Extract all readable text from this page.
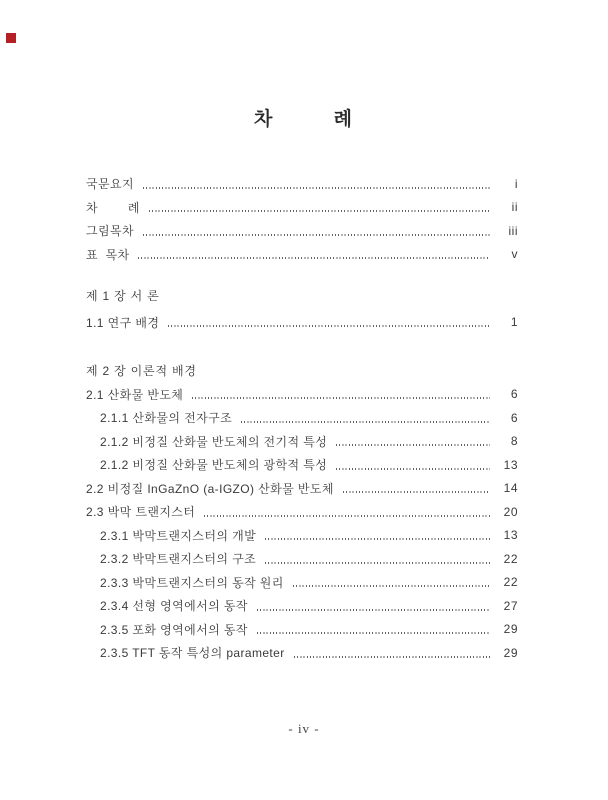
차 례
국문요지	i
차        례	ii
그림목차	iii
표  목차	v
제 1 장 서 론
1.1 연구 배경	1
제 2 장 이론적 배경
2.1 산화물 반도체	6
2.1.1 산화물의 전자구조	6
2.1.2 비정질 산화물 반도체의 전기적 특성	8
2.1.2 비정질 산화물 반도체의 광학적 특성	13
2.2 비정질 InGaZnO (a-IGZO) 산화물 반도체	14
2.3 박막 트랜지스터	20
2.3.1 박막트랜지스터의 개발	13
2.3.2 박막트랜지스터의 구조	22
2.3.3 박막트랜지스터의 동작 원리	22
2.3.4 선형 영역에서의 동작	27
2.3.5 포화 영역에서의 동작	29
2.3.5 TFT 동작 특성의 parameter	29
- iv -
